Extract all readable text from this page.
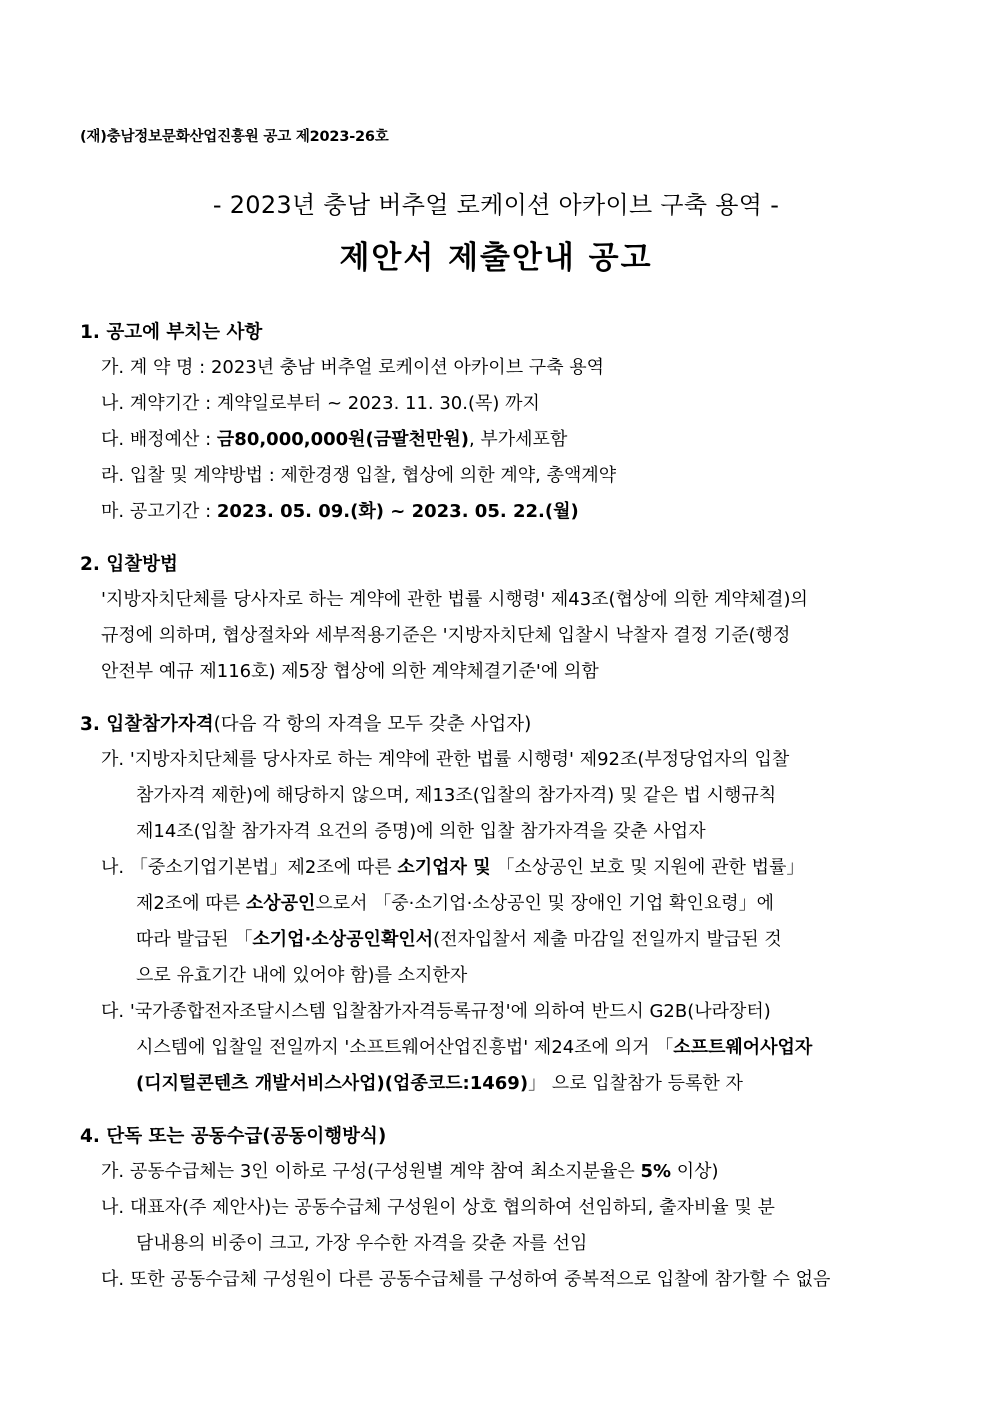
(재)충남정보문화산업진흥원 공고 제2023-26호
- 2023년 충남 버추얼 로케이션 아카이브 구축 용역 -
제안서 제출안내 공고
1. 공고에 부치는 사항
가. 계 약 명 : 2023년 충남 버추얼 로케이션 아카이브 구축 용역
나. 계약기간 : 계약일로부터 ~ 2023. 11. 30.(목) 까지
다. 배정예산 : 금80,000,000원(금팔천만원), 부가세포함
라. 입찰 및 계약방법 : 제한경쟁 입찰, 협상에 의한 계약, 총액계약
마. 공고기간 : 2023. 05. 09.(화) ~ 2023. 05. 22.(월)
2. 입찰방법
'지방자치단체를 당사자로 하는 계약에 관한 법률 시행령' 제43조(협상에 의한 계약체결)의
규정에 의하며, 협상절차와 세부적용기준은 '지방자치단체 입찰시 낙찰자 결정 기준(행정
안전부 예규 제116호) 제5장 협상에 의한 계약체결기준'에 의함
3. 입찰참가자격(다음 각 항의 자격을 모두 갖춘 사업자)
가. '지방자치단체를 당사자로 하는 계약에 관한 법률 시행령' 제92조(부정당업자의 입찰
참가자격 제한)에 해당하지 않으며, 제13조(입찰의 참가자격) 및 같은 법 시행규칙
제14조(입찰 참가자격 요건의 증명)에 의한 입찰 참가자격을 갖춘 사업자
나. 「중소기업기본법」제2조에 따른 소기업자 및 「소상공인 보호 및 지원에 관한 법률」
제2조에 따른 소상공인으로서 「중·소기업·소상공인 및 장애인 기업 확인요령」에
따라 발급된 「소기업·소상공인확인서(전자입찰서 제출 마감일 전일까지 발급된 것
으로 유효기간 내에 있어야 함)를 소지한자
다. '국가종합전자조달시스템 입찰참가자격등록규정'에 의하여 반드시 G2B(나라장터)
시스템에 입찰일 전일까지 '소프트웨어산업진흥법' 제24조에 의거 「소프트웨어사업자
(디지털콘텐츠 개발서비스사업)(업종코드:1469)」 으로 입찰참가 등록한 자
4. 단독 또는 공동수급(공동이행방식)
가. 공동수급체는 3인 이하로 구성(구성원별 계약 참여 최소지분율은 5% 이상)
나. 대표자(주 제안사)는 공동수급체 구성원이 상호 협의하여 선임하되, 출자비율 및 분
담내용의 비중이 크고, 가장 우수한 자격을 갖춘 자를 선임
다. 또한 공동수급체 구성원이 다른 공동수급체를 구성하여 중복적으로 입찰에 참가할 수 없음
